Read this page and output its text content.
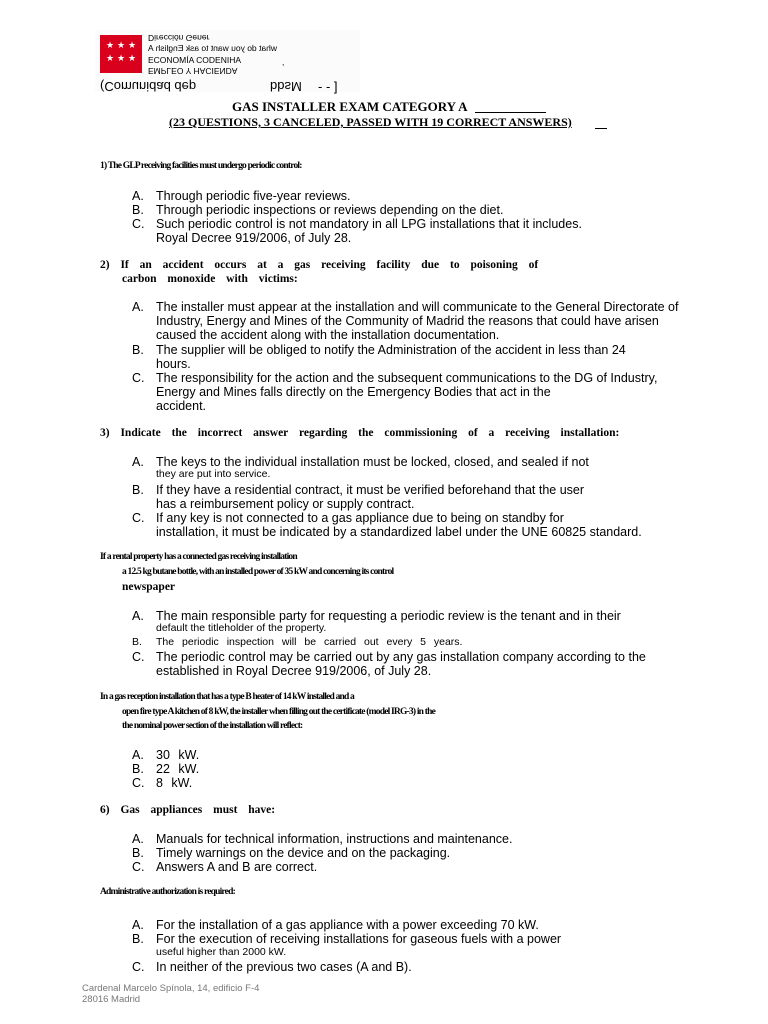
★ ★ ★
★ ★ ★
Dirección Gener
what do you want to ask English A
ECONOMÍA CODENIHA	,
EMPLEO Y HACIENDA
(Comunidad dep	bbsM - - ]
GAS INSTALLER EXAM CATEGORY A
(23 QUESTIONS, 3 CANCELED, PASSED WITH 19 CORRECT ANSWERS)
1) The GLP receiving facilities must undergo periodic control:
A. Through periodic five-year reviews.
B. Through periodic inspections or reviews depending on the diet.
C. Such periodic control is not mandatory in all LPG installations that it includes.
Royal Decree 919/2006, of July 28.
2) If an accident occurs at a gas receiving facility due to poisoning of
carbon monoxide with victims:
A. The installer must appear at the installation and will communicate to the General Directorate of
Industry, Energy and Mines of the Community of Madrid the reasons that could have arisen
caused the accident along with the installation documentation.
B. The supplier will be obliged to notify the Administration of the accident in less than 24
hours.
C. The responsibility for the action and the subsequent communications to the DG of Industry,
Energy and Mines falls directly on the Emergency Bodies that act in the
accident.
3) Indicate the incorrect answer regarding the commissioning of a receiving installation:
A. The keys to the individual installation must be locked, closed, and sealed if not
they are put into service.
B. If they have a residential contract, it must be verified beforehand that the user
has a reimbursement policy or supply contract.
C. If any key is not connected to a gas appliance due to being on standby for
installation, it must be indicated by a standardized label under the UNE 60825 standard.
If a rental property has a connected gas receiving installation
a 12.5 kg butane bottle, with an installed power of 35 kW and concerning its control
newspaper
A. The main responsible party for requesting a periodic review is the tenant and in their
default the titleholder of the property.
B. The periodic inspection will be carried out every 5 years.
C. The periodic control may be carried out by any gas installation company according to the
established in Royal Decree 919/2006, of July 28.
In a gas reception installation that has a type B heater of 14 kW installed and a
open fire type A kitchen of 8 kW, the installer when filling out the certificate (model IRG-3) in the
the nominal power section of the installation will reflect:
A. 30 kW.
B. 22 kW.
C. 8 kW.
6) Gas appliances must have:
A. Manuals for technical information, instructions and maintenance.
B. Timely warnings on the device and on the packaging.
C. Answers A and B are correct.
Administrative authorization is required:
A. For the installation of a gas appliance with a power exceeding 70 kW.
B. For the execution of receiving installations for gaseous fuels with a power
useful higher than 2000 kW.
C. In neither of the previous two cases (A and B).
Cardenal Marcelo Spínola, 14, edificio F-4
28016 Madrid
